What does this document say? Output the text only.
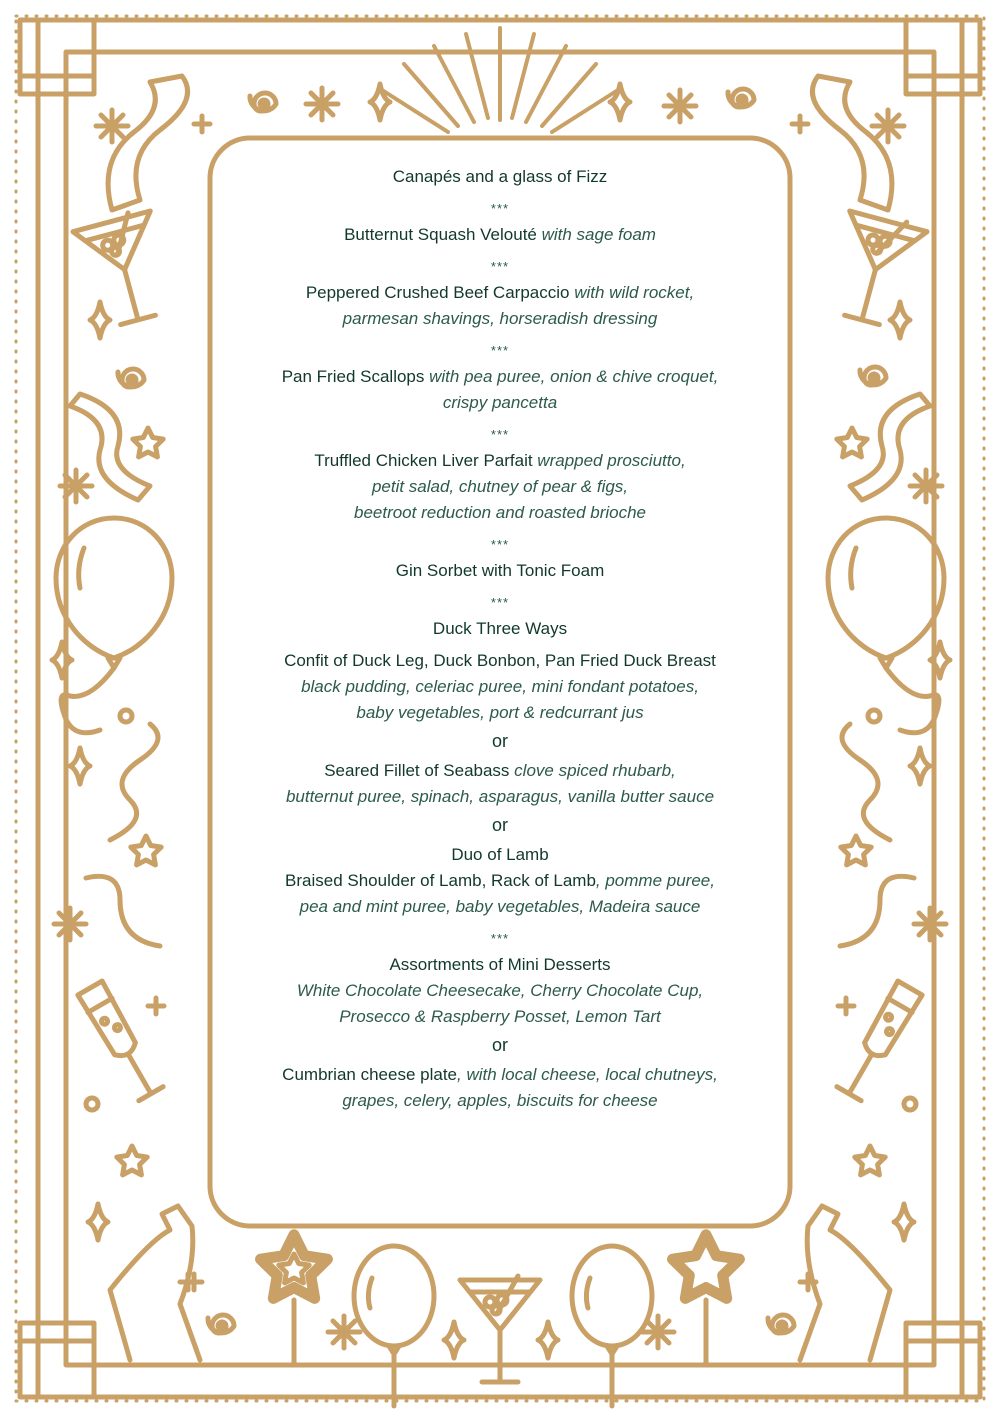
Canapés and a glass of Fizz

***

Butternut Squash Velouté with sage foam

***

Peppered Crushed Beef Carpaccio with wild rocket,

parmesan shavings, horseradish dressing

***

Pan Fried Scallops with pea puree, onion & chive croquet,

crispy pancetta

***

Truffled Chicken Liver Parfait wrapped prosciutto,

petit salad, chutney of pear & figs,

beetroot reduction and roasted brioche

***

Gin Sorbet with Tonic Foam

***

Duck Three Ways

Confit of Duck Leg, Duck Bonbon, Pan Fried Duck Breast

black pudding, celeriac puree, mini fondant potatoes,

baby vegetables, port & redcurrant jus

or

Seared Fillet of Seabass clove spiced rhubarb,

butternut puree, spinach, asparagus, vanilla butter sauce

or

Duo of Lamb

Braised Shoulder of Lamb, Rack of Lamb, pomme puree,

pea and mint puree, baby vegetables, Madeira sauce

***

Assortments of Mini Desserts

White Chocolate Cheesecake, Cherry Chocolate Cup,

Prosecco & Raspberry Posset, Lemon Tart

or

Cumbrian cheese plate, with local cheese, local chutneys,

grapes, celery, apples, biscuits for cheese
